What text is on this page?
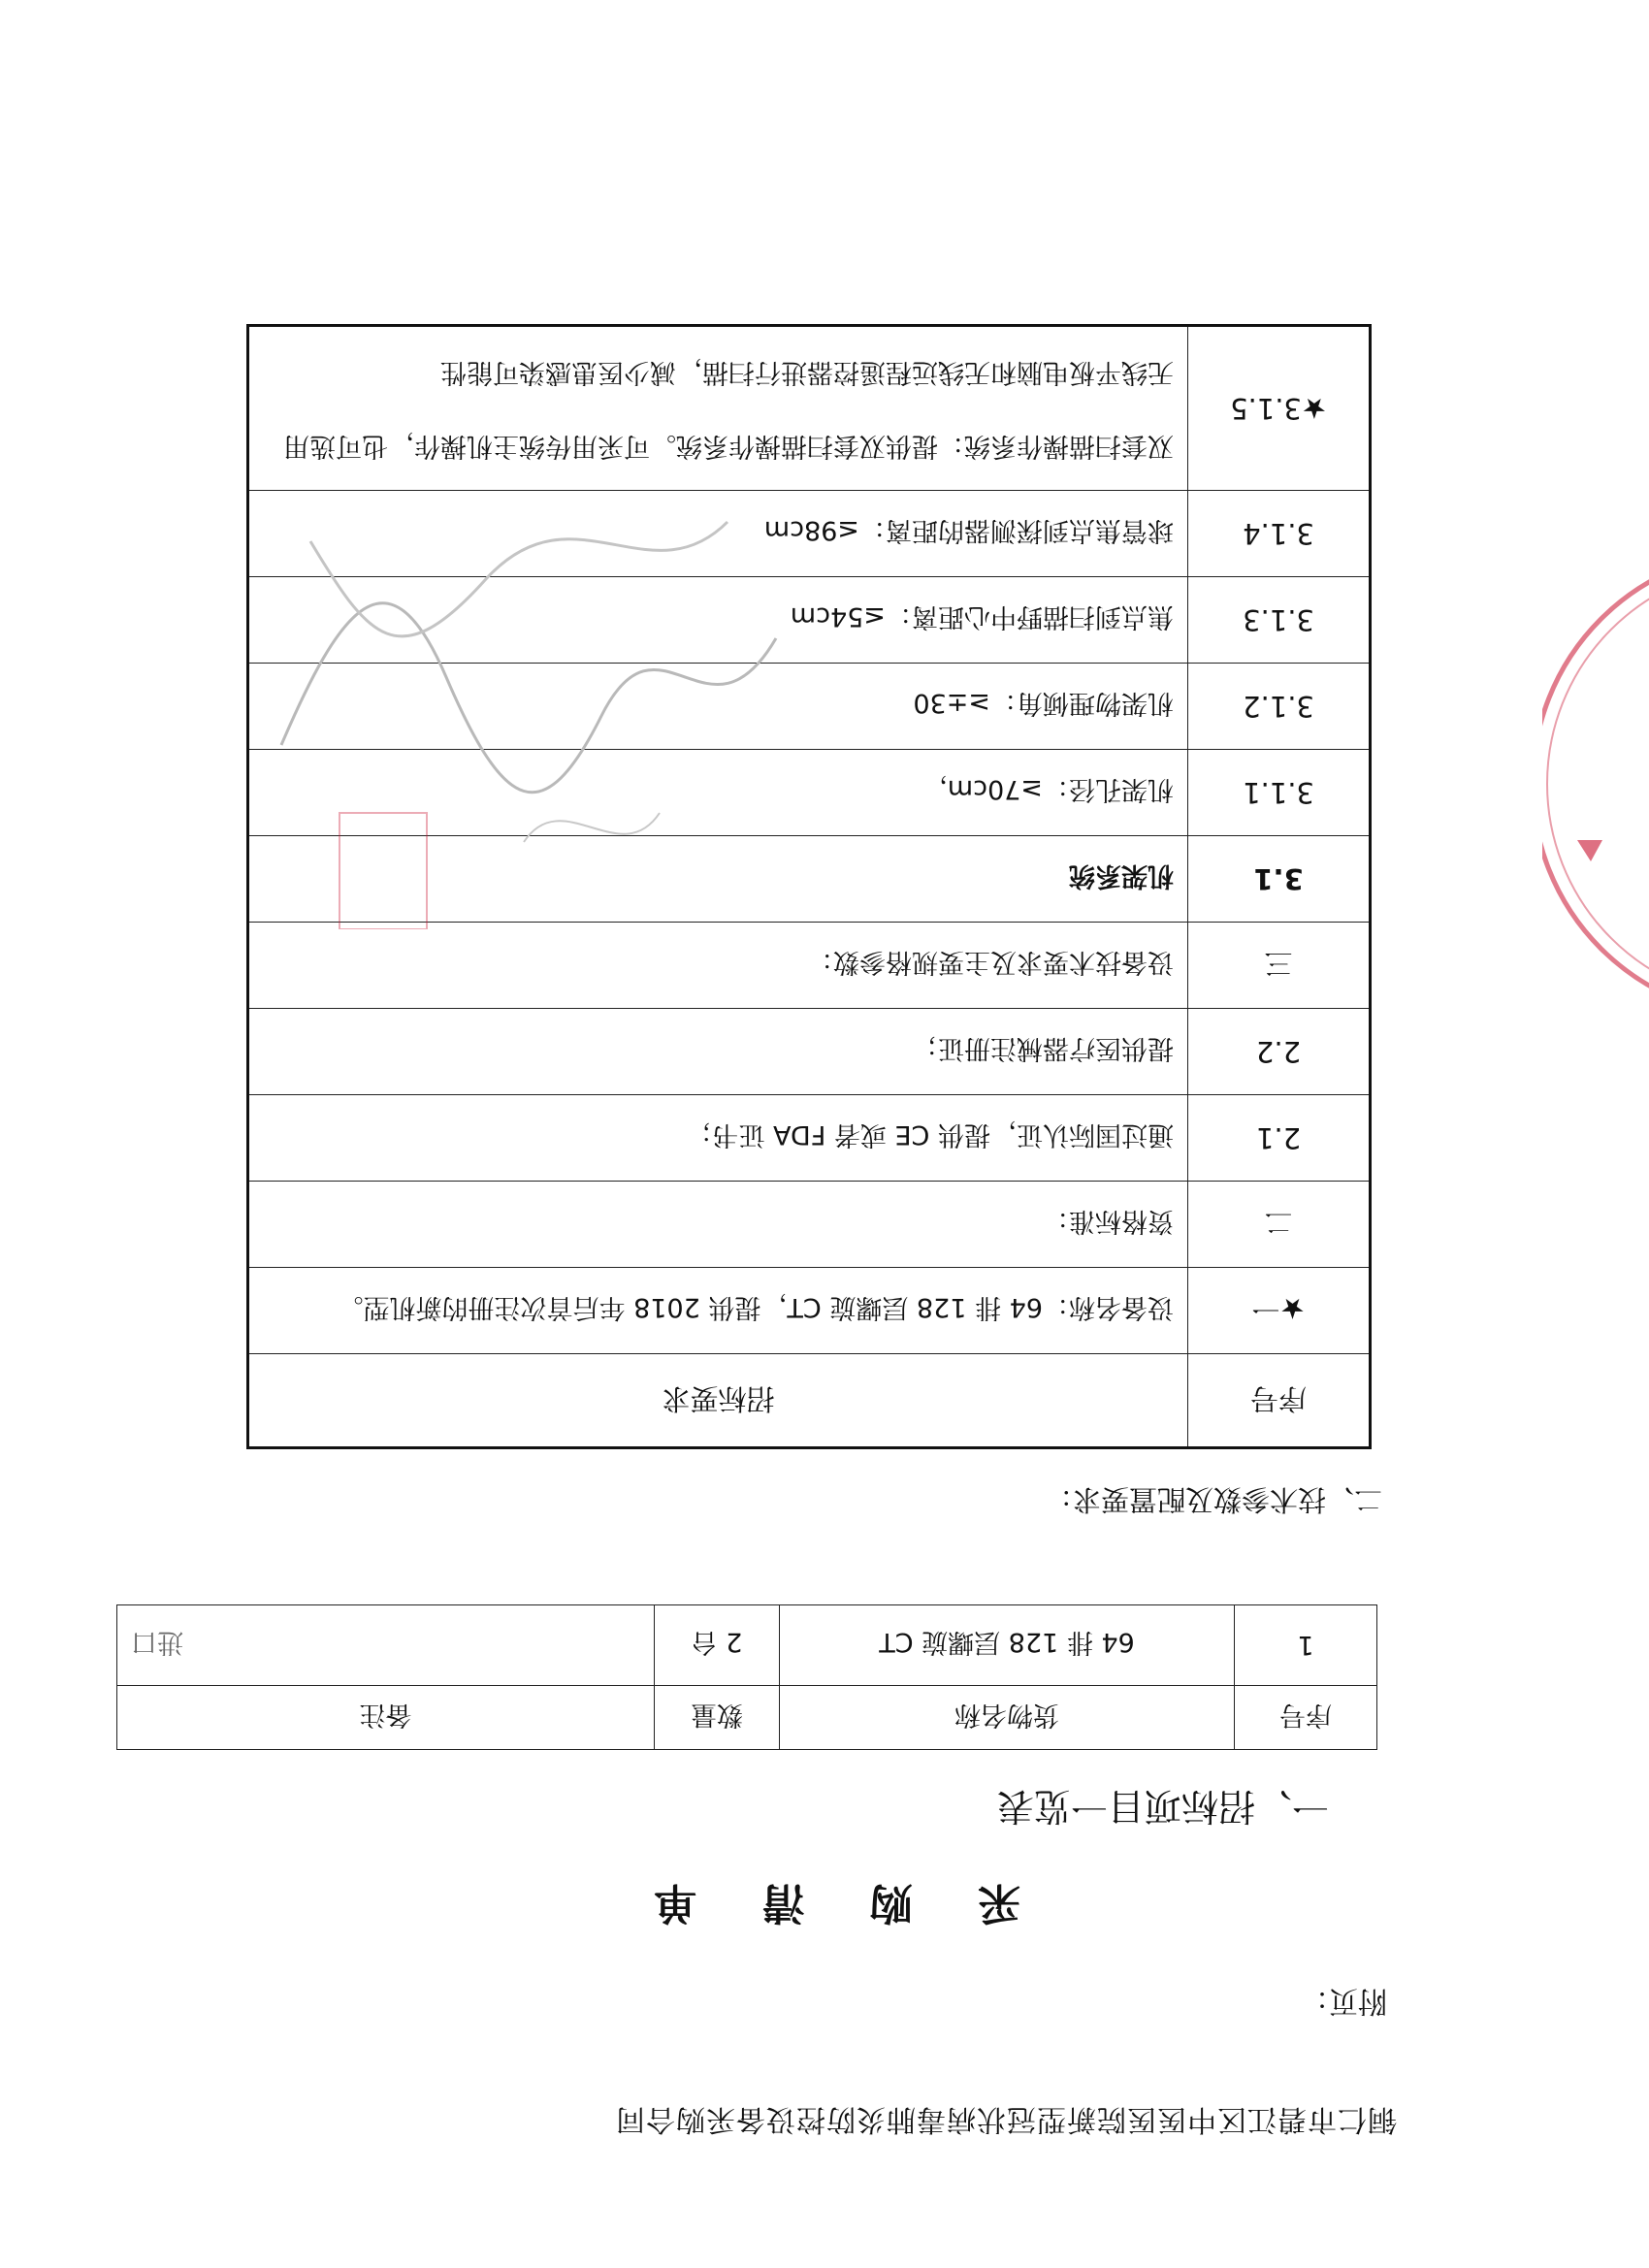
铜仁市碧江区中医医院新型冠状病毒肺炎防控设备采购合同
附页：
采 购 清 单
一、招标项目一览表
序号	货物名称	数量	备注
1	64 排 128 层螺旋 CT	2 台	进口
二、技术参数及配置要求：
序号	招标要求
★一	设备名称：64 排 128 层螺旋 CT，提供 2018 年后首次注册的新机型。
二	资格标准：
2.1	通过国际认证，提供 CE 或者 FDA 证书；
2.2	提供医疗器械注册证；
三	设备技术要求及主要规格参数：
3.1	机架系统
3.1.1	机架孔径：≥70cm，
3.1.2	机架物理倾角：≥±30
3.1.3	焦点到扫描野中心距离：≤54cm
3.1.4	球管焦点到探测器的距离：≤98cm
★3.1.5	双套扫描操作系统：提供双套扫描操作系统。可采用传统主机操作，也可选用无线平板电脑和无线远程遥控器进行扫描，减少医患感染可能性
